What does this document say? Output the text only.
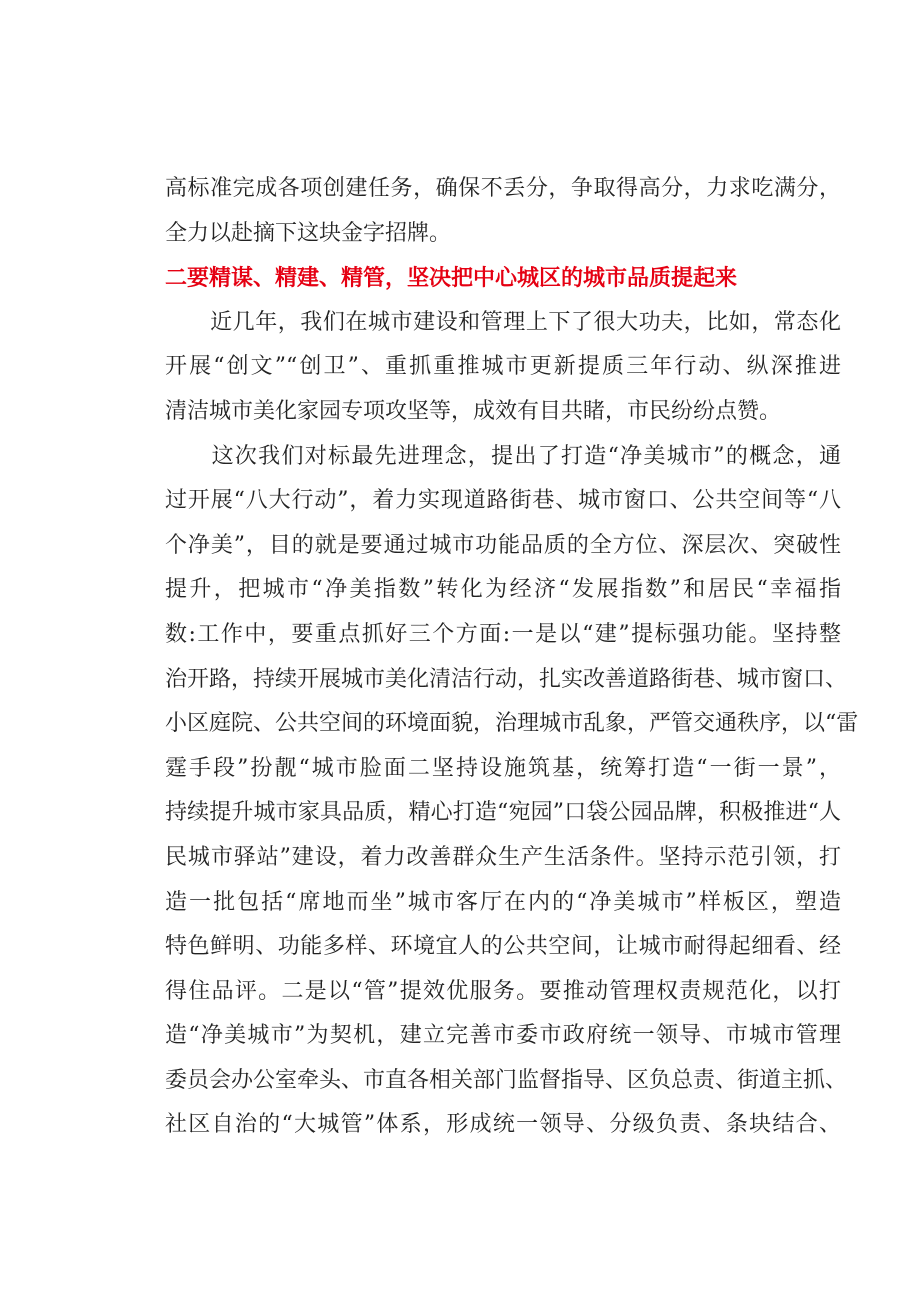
高标准完成各项创建任务，确保不丢分，争取得高分，力求吃满分，
全力以赴摘下这块金字招牌。
二要精谋、精建、精管，坚决把中心城区的城市品质提起来
　　近几年，我们在城市建设和管理上下了很大功夫，比如，常态化
开展“创文”“创卫”、重抓重推城市更新提质三年行动、纵深推进
清洁城市美化家园专项攻坚等，成效有目共睹，市民纷纷点赞。
　　这次我们对标最先进理念，提出了打造“净美城市”的概念，通
过开展“八大行动”，着力实现道路街巷、城市窗口、公共空间等“八
个净美”，目的就是要通过城市功能品质的全方位、深层次、突破性
提升，把城市“净美指数”转化为经济“发展指数”和居民“幸福指
数:工作中，要重点抓好三个方面:一是以“建”提标强功能。坚持整
治开路，持续开展城市美化清洁行动，扎实改善道路街巷、城市窗口、
小区庭院、公共空间的环境面貌，治理城市乱象，严管交通秩序，以“雷
霆手段”扮靓“城市脸面二坚持设施筑基，统筹打造“一街一景”，
持续提升城市家具品质，精心打造“宛园”口袋公园品牌，积极推进“人
民城市驿站”建设，着力改善群众生产生活条件。坚持示范引领，打
造一批包括“席地而坐”城市客厅在内的“净美城市”样板区，塑造
特色鲜明、功能多样、环境宜人的公共空间，让城市耐得起细看、经
得住品评。二是以“管”提效优服务。要推动管理权责规范化，以打
造“净美城市”为契机，建立完善市委市政府统一领导、市城市管理
委员会办公室牵头、市直各相关部门监督指导、区负总责、街道主抓、
社区自治的“大城管”体系，形成统一领导、分级负责、条块结合、
